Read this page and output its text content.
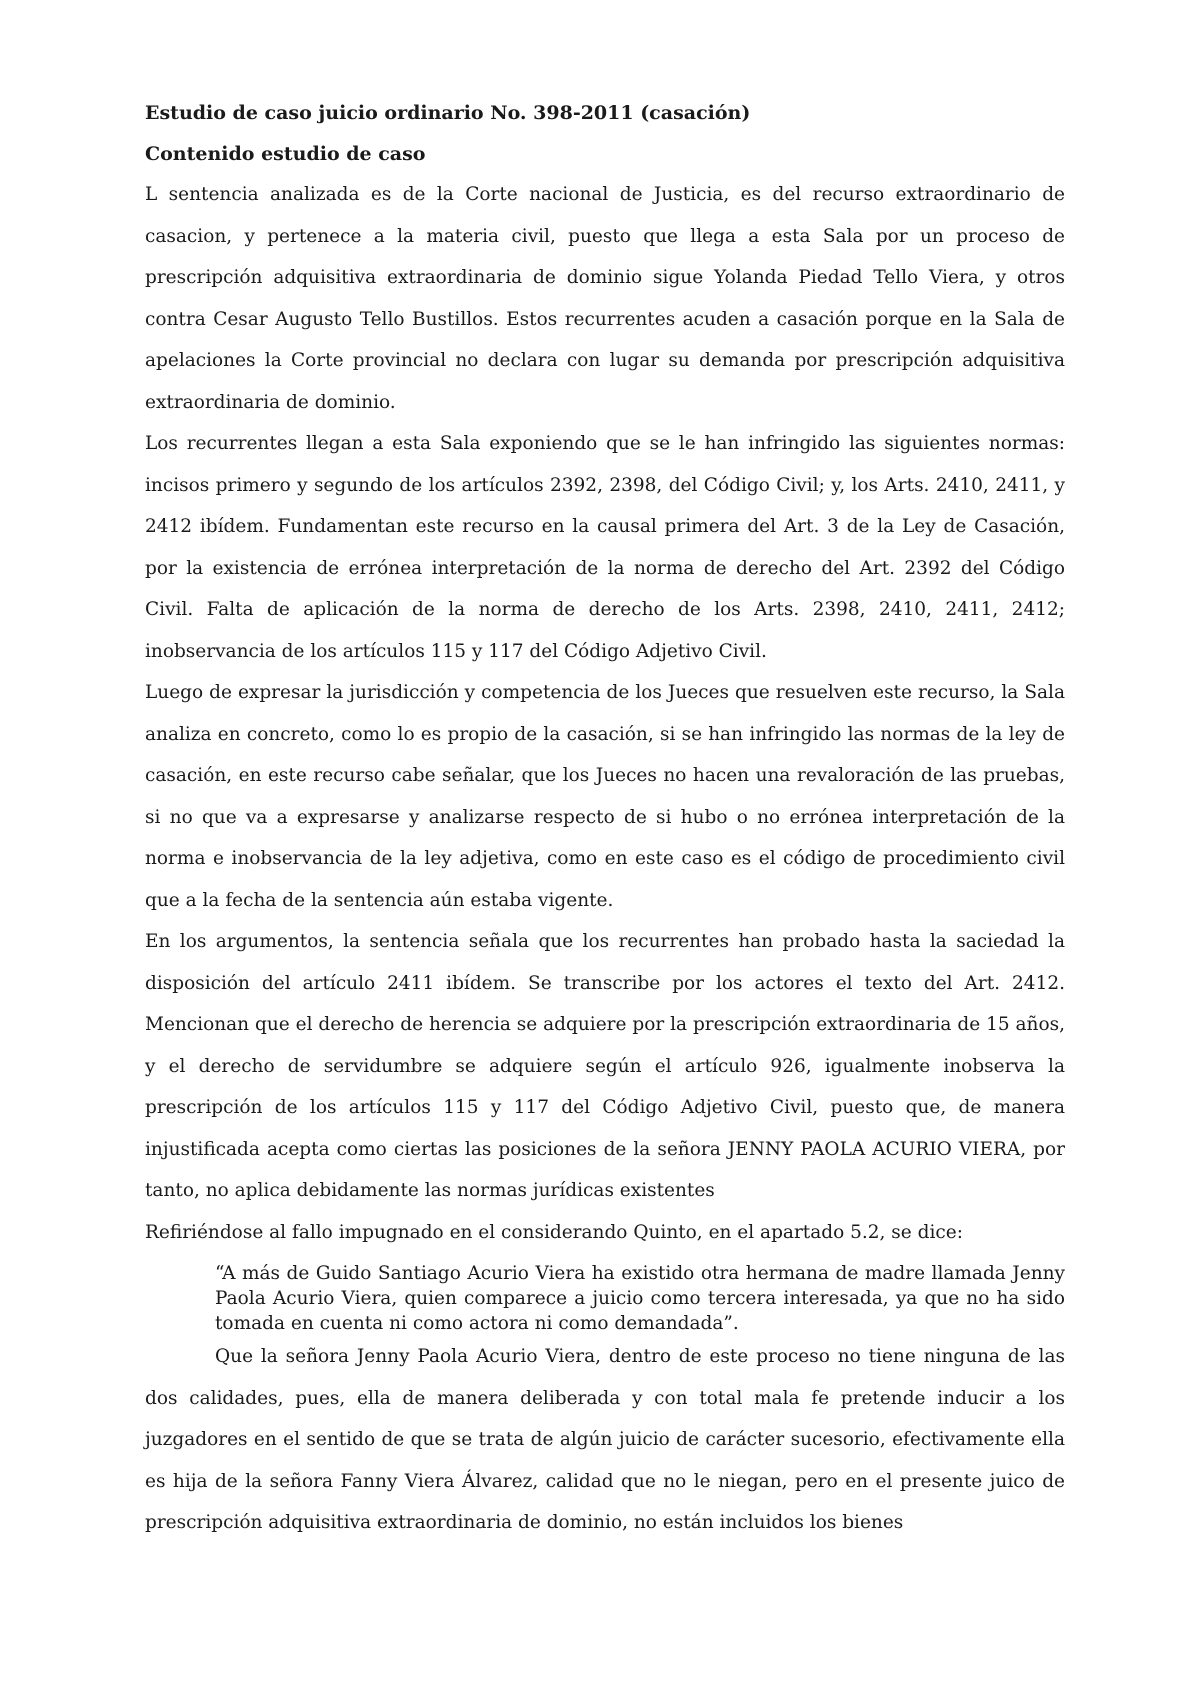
Estudio de caso juicio ordinario No. 398-2011 (casación)
Contenido estudio de caso

L sentencia analizada es de la Corte nacional de Justicia, es del recurso extraordinario de casacion, y pertenece a la materia civil, puesto que llega a esta Sala por un proceso de prescripción adquisitiva extraordinaria de dominio sigue Yolanda Piedad Tello Viera, y otros contra Cesar Augusto Tello Bustillos. Estos recurrentes acuden a casación porque en la Sala de apelaciones la Corte provincial no declara con lugar su demanda por prescripción adquisitiva extraordinaria de dominio.

Los recurrentes llegan a esta Sala exponiendo que se le han infringido las siguientes normas: incisos primero y segundo de los artículos 2392, 2398, del Código Civil; y, los Arts. 2410, 2411, y 2412 ibídem. Fundamentan este recurso en la causal primera del Art. 3 de la Ley de Casación, por la existencia de errónea interpretación de la norma de derecho del Art. 2392 del Código Civil. Falta de aplicación de la norma de derecho de los Arts. 2398, 2410, 2411, 2412; inobservancia de los artículos 115 y 117 del Código Adjetivo Civil.

Luego de expresar la jurisdicción y competencia de los Jueces que resuelven este recurso, la Sala analiza en concreto, como lo es propio de la casación, si se han infringido las normas de la ley de casación, en este recurso cabe señalar, que los Jueces no hacen una revaloración de las pruebas, si no que va a expresarse y analizarse respecto de si hubo o no errónea interpretación de la norma e inobservancia de la ley adjetiva, como en este caso es el código de procedimiento civil que a la fecha de la sentencia aún estaba vigente.

En los argumentos, la sentencia señala que los recurrentes han probado hasta la saciedad la disposición del artículo 2411 ibídem. Se transcribe por los actores el texto del Art. 2412. Mencionan que el derecho de herencia se adquiere por la prescripción extraordinaria de 15 años, y el derecho de servidumbre se adquiere según el artículo 926, igualmente inobserva la prescripción de los artículos 115 y 117 del Código Adjetivo Civil, puesto que, de manera injustificada acepta como ciertas las posiciones de la señora JENNY PAOLA ACURIO VIERA, por tanto, no aplica debidamente las normas jurídicas existentes

Refiriéndose al fallo impugnado en el considerando Quinto, en el apartado 5.2, se dice:

“A más de Guido Santiago Acurio Viera ha existido otra hermana de madre llamada Jenny Paola Acurio Viera, quien comparece a juicio como tercera interesada, ya que no ha sido tomada en cuenta ni como actora ni como demandada”.

Que la señora Jenny Paola Acurio Viera, dentro de este proceso no tiene ninguna de las dos calidades, pues, ella de manera deliberada y con total mala fe pretende inducir a los juzgadores en el sentido de que se trata de algún juicio de carácter sucesorio, efectivamente ella es hija de la señora Fanny Viera Álvarez, calidad que no le niegan, pero en el presente juico de prescripción adquisitiva extraordinaria de dominio, no están incluidos los bienes
